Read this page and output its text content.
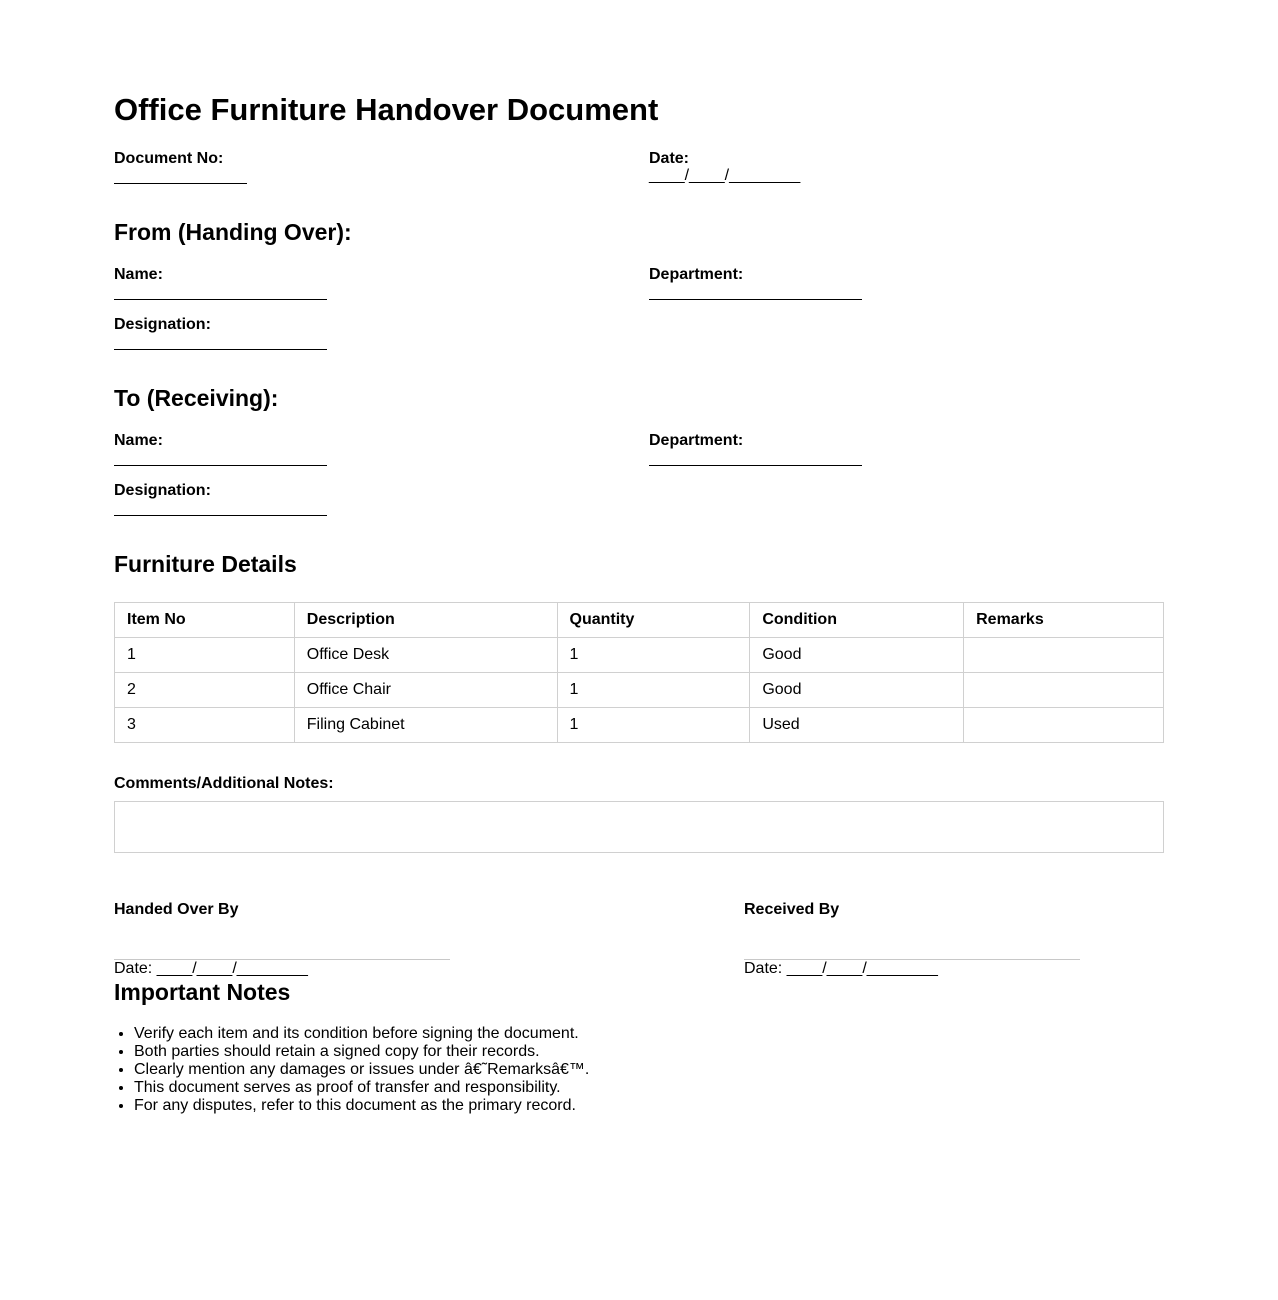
Office Furniture Handover Document
Document No:	Date:
____/____/________
From (Handing Over):
Name:	Department:
Designation:
To (Receiving):
Name:	Department:
Designation:
Furniture Details
Item No	Description	Quantity	Condition	Remarks
1	Office Desk	1	Good	
2	Office Chair	1	Good	
3	Filing Cabinet	1	Used	
Comments/Additional Notes:
Handed Over By
Date: ____/____/________
Received By
Date: ____/____/________
Important Notes
• Verify each item and its condition before signing the document.
• Both parties should retain a signed copy for their records.
• Clearly mention any damages or issues under â€˜Remarksâ€™.
• This document serves as proof of transfer and responsibility.
• For any disputes, refer to this document as the primary record.
